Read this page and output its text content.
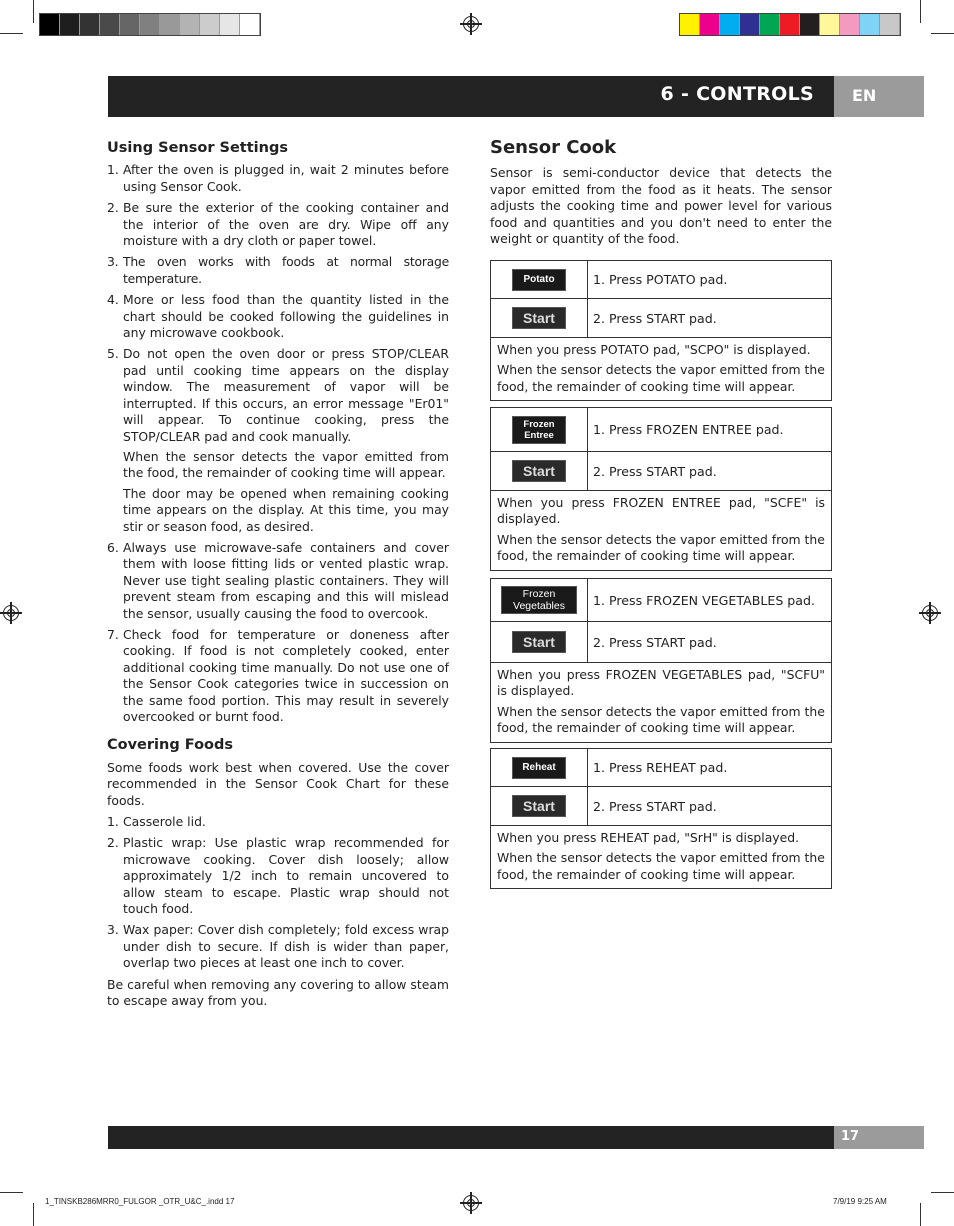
6 - CONTROLS EN
Using Sensor Settings
1. After the oven is plugged in, wait 2 minutes before using Sensor Cook.
2. Be sure the exterior of the cooking container and the interior of the oven are dry. Wipe off any moisture with a dry cloth or paper towel.
3. The oven works with foods at normal storage temperature.
4. More or less food than the quantity listed in the chart should be cooked following the guidelines in any microwave cookbook.
5. Do not open the oven door or press STOP/CLEAR pad until cooking time appears on the display window. The measurement of vapor will be interrupted. If this occurs, an error message "Er01" will appear. To continue cooking, press the STOP/CLEAR pad and cook manually.

When the sensor detects the vapor emitted from the food, the remainder of cooking time will appear.

The door may be opened when remaining cooking time appears on the display. At this time, you may stir or season food, as desired.

6. Always use microwave-safe containers and cover them with loose fitting lids or vented plastic wrap. Never use tight sealing plastic containers. They will prevent steam from escaping and this will mislead the sensor, usually causing the food to overcook.
7. Check food for temperature or doneness after cooking. If food is not completely cooked, enter additional cooking time manually. Do not use one of the Sensor Cook categories twice in succession on the same food portion. This may result in severely overcooked or burnt food.
Covering Foods

Some foods work best when covered. Use the cover recommended in the Sensor Cook Chart for these foods.

1. Casserole lid.
2. Plastic wrap: Use plastic wrap recommended for microwave cooking. Cover dish loosely; allow approximately 1/2 inch to remain uncovered to allow steam to escape. Plastic wrap should not touch food.
3. Wax paper: Cover dish completely; fold excess wrap under dish to secure. If dish is wider than paper, overlap two pieces at least one inch to cover.

Be careful when removing any covering to allow steam to escape away from you.

Sensor Cook

Sensor is semi-conductor device that detects the vapor emitted from the food as it heats. The sensor adjusts the cooking time and power level for various food and quantities and you don't need to enter the weight or quantity of the food.

Potato	1. Press POTATO pad.
Start	2. Press START pad.

When you press POTATO pad, "SCPO" is displayed.

When the sensor detects the vapor emitted from the food, the remainder of cooking time will appear.

Frozen Entree	1. Press FROZEN ENTREE pad.
Start	2. Press START pad.

When you press FROZEN ENTREE pad, "SCFE" is displayed.

When the sensor detects the vapor emitted from the food, the remainder of cooking time will appear.

Frozen Vegetables	1. Press FROZEN VEGETABLES pad.
Start	2. Press START pad.

When you press FROZEN VEGETABLES pad, "SCFU" is displayed.

When the sensor detects the vapor emitted from the food, the remainder of cooking time will appear.

Reheat	1. Press REHEAT pad.
Start	2. Press START pad.

When you press REHEAT pad, "SrH" is displayed.

When the sensor detects the vapor emitted from the food, the remainder of cooking time will appear.

17
1_TINSKB286MRR0_FULGOR _OTR_U&C_.indd 17	7/9/19 9:25 AM
